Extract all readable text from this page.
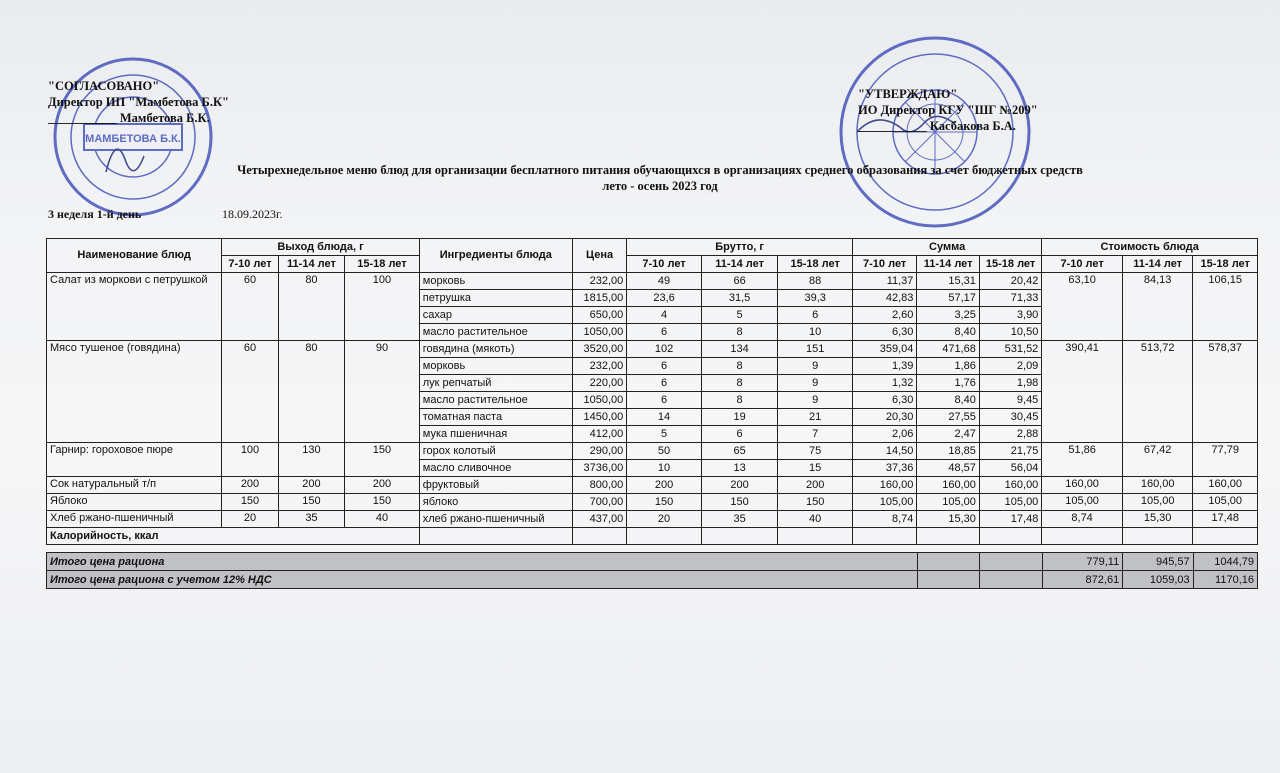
МАМБЕТОВА Б.К.
"СОГЛАСОВАНО"
Директор ИП "Мамбетова Б.К"
___________ Мамбетова Б.К.
"УТВЕРЖДАЮ"
ИО Директор КГУ "ШГ №209"
___________ Касбакова Б.А.
Четырехнедельное меню блюд для организации бесплатного питания обучающихся в организациях среднего образования за счет бюджетных средств
лето - осень 2023 год
3 неделя 1-й день	18.09.2023г.
Наименование блюд	Выход блюда, г			Ингредиенты блюда	Цена	Брутто, г			Сумма			Стоимость блюда		
	7-10 лет	11-14 лет	15-18 лет			7-10 лет	11-14 лет	15-18 лет	7-10 лет	11-14 лет	15-18 лет	7-10 лет	11-14 лет	15-18 лет
Салат из моркови с петрушкой	60	80	100	морковь	232,00	49	66	88	11,37	15,31	20,42	63,10	84,13	106,15
				петрушка	1815,00	23,6	31,5	39,3	42,83	57,17	71,33			
				сахар	650,00	4	5	6	2,60	3,25	3,90			
				масло растительное	1050,00	6	8	10	6,30	8,40	10,50			
Мясо тушеное (говядина)	60	80	90	говядина (мякоть)	3520,00	102	134	151	359,04	471,68	531,52	390,41	513,72	578,37
				морковь	232,00	6	8	9	1,39	1,86	2,09			
				лук репчатый	220,00	6	8	9	1,32	1,76	1,98			
				масло растительное	1050,00	6	8	9	6,30	8,40	9,45			
				томатная паста	1450,00	14	19	21	20,30	27,55	30,45			
				мука пшеничная	412,00	5	6	7	2,06	2,47	2,88			
Гарнир: гороховое пюре	100	130	150	горох колотый	290,00	50	65	75	14,50	18,85	21,75	51,86	67,42	77,79
				масло сливочное	3736,00	10	13	15	37,36	48,57	56,04			
Сок натуральный т/п	200	200	200	фруктовый	800,00	200	200	200	160,00	160,00	160,00	160,00	160,00	160,00
Яблоко	150	150	150	яблоко	700,00	150	150	150	105,00	105,00	105,00	105,00	105,00	105,00
Хлеб ржано-пшеничный	20	35	40	хлеб ржано-пшеничный	437,00	20	35	40	8,74	15,30	17,48	8,74	15,30	17,48
Калорийность, ккал														
Итого цена рациона			779,11	945,57	1044,79
Итого цена рациона с учетом 12% НДС			872,61	1059,03	1170,16
